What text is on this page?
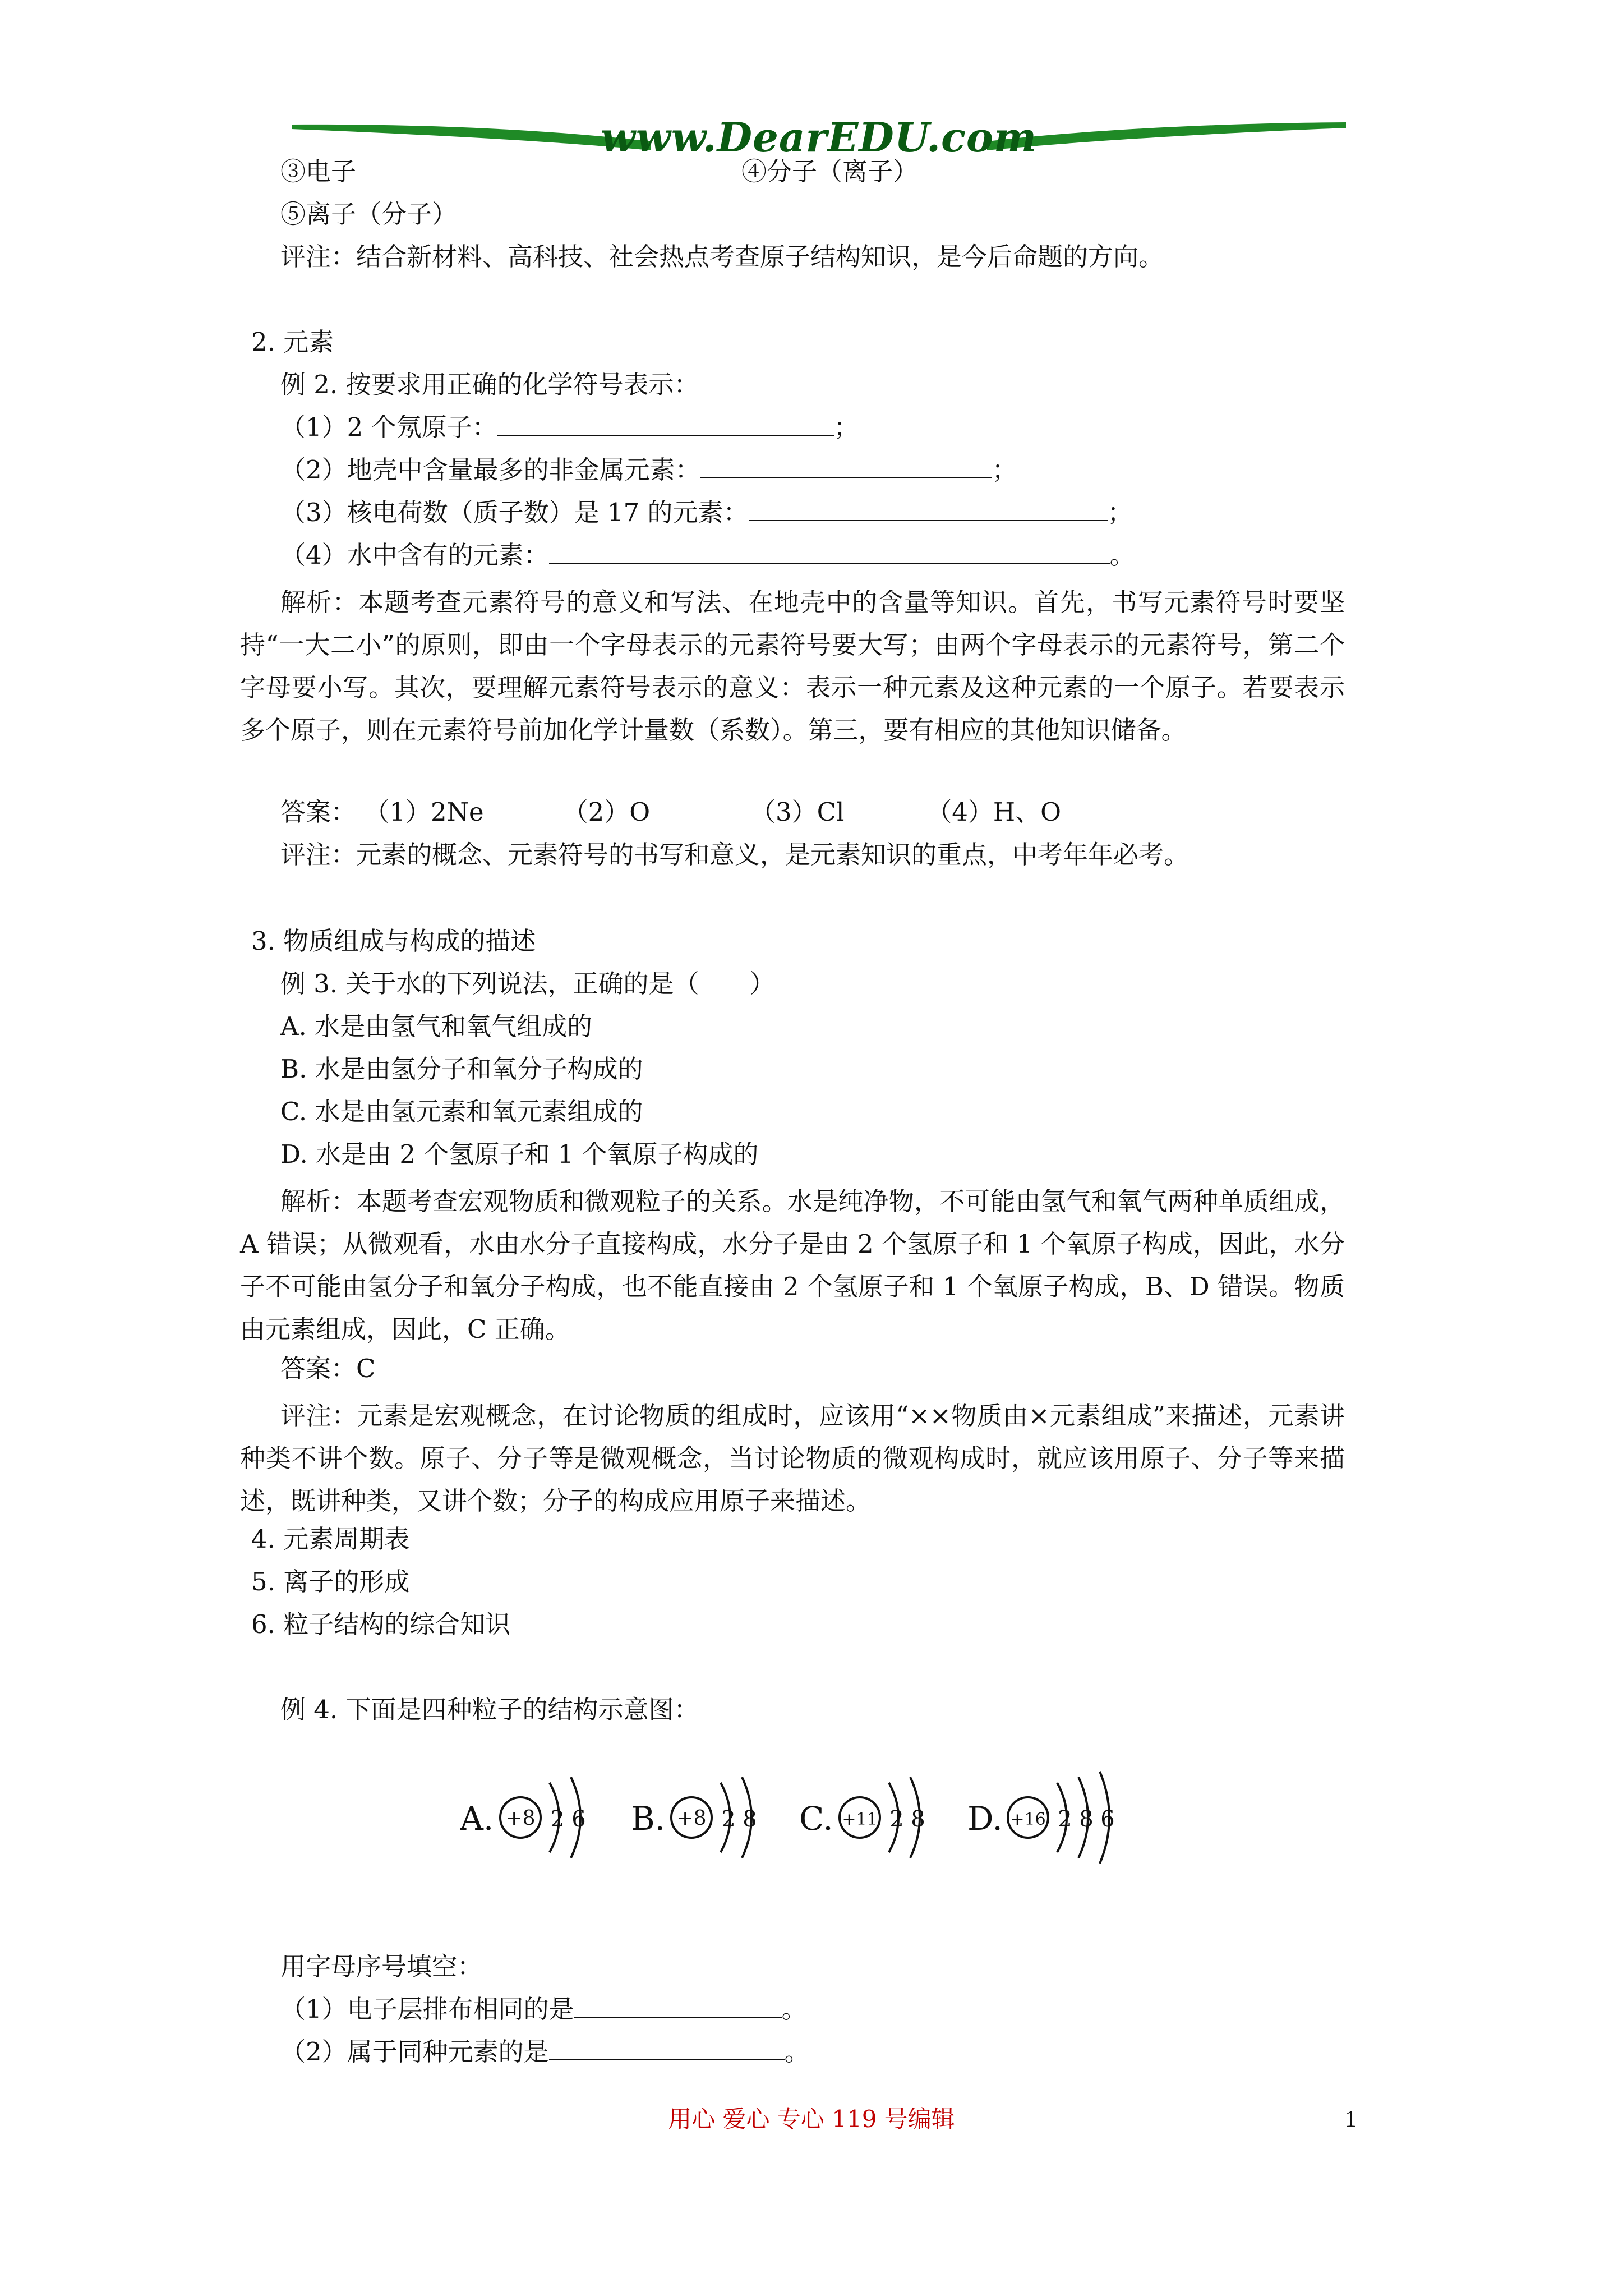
www.DearEDU.com
③电子	④分子（离子）
⑤离子（分子）
评注：结合新材料、高科技、社会热点考查原子结构知识，是今后命题的方向。
2. 元素
例 2. 按要求用正确的化学符号表示：
（1）2 个氖原子：	；
（2）地壳中含量最多的非金属元素：	；
（3）核电荷数（质子数）是 17 的元素：	；
（4）水中含有的元素：	。
解析：本题考查元素符号的意义和写法、在地壳中的含量等知识。首先，书写元素符号时要坚持“一大二小”的原则，即由一个字母表示的元素符号要大写；由两个字母表示的元素符号，第二个字母要小写。其次，要理解元素符号表示的意义：表示一种元素及这种元素的一个原子。若要表示多个原子，则在元素符号前加化学计量数（系数）。第三，要有相应的其他知识储备。
答案： （1）2Ne	（2）O	（3）Cl	（4）H、O
评注：元素的概念、元素符号的书写和意义，是元素知识的重点，中考年年必考。
3. 物质组成与构成的描述
例 3. 关于水的下列说法，正确的是（　　）
A. 水是由氢气和氧气组成的
B. 水是由氢分子和氧分子构成的
C. 水是由氢元素和氧元素组成的
D. 水是由 2 个氢原子和 1 个氧原子构成的
解析：本题考查宏观物质和微观粒子的关系。水是纯净物，不可能由氢气和氧气两种单质组成，A 错误；从微观看，水由水分子直接构成，水分子是由 2 个氢原子和 1 个氧原子构成，因此，水分子不可能由氢分子和氧分子构成，也不能直接由 2 个氢原子和 1 个氧原子构成，B、D 错误。物质由元素组成，因此，C 正确。
答案：C
评注：元素是宏观概念，在讨论物质的组成时，应该用“××物质由×元素组成”来描述，元素讲种类不讲个数。原子、分子等是微观概念，当讨论物质的微观构成时，就应该用原子、分子等来描述，既讲种类，又讲个数；分子的构成应用原子来描述。
4. 元素周期表
5. 离子的形成
6. 粒子结构的综合知识
例 4. 下面是四种粒子的结构示意图：
A. +8 2 6 B. +8 2 8 C. +11 2 8 D. +16 2 8 6
用字母序号填空：
（1）电子层排布相同的是	。
（2）属于同种元素的是	。
用心 爱心 专心 119 号编辑	1
